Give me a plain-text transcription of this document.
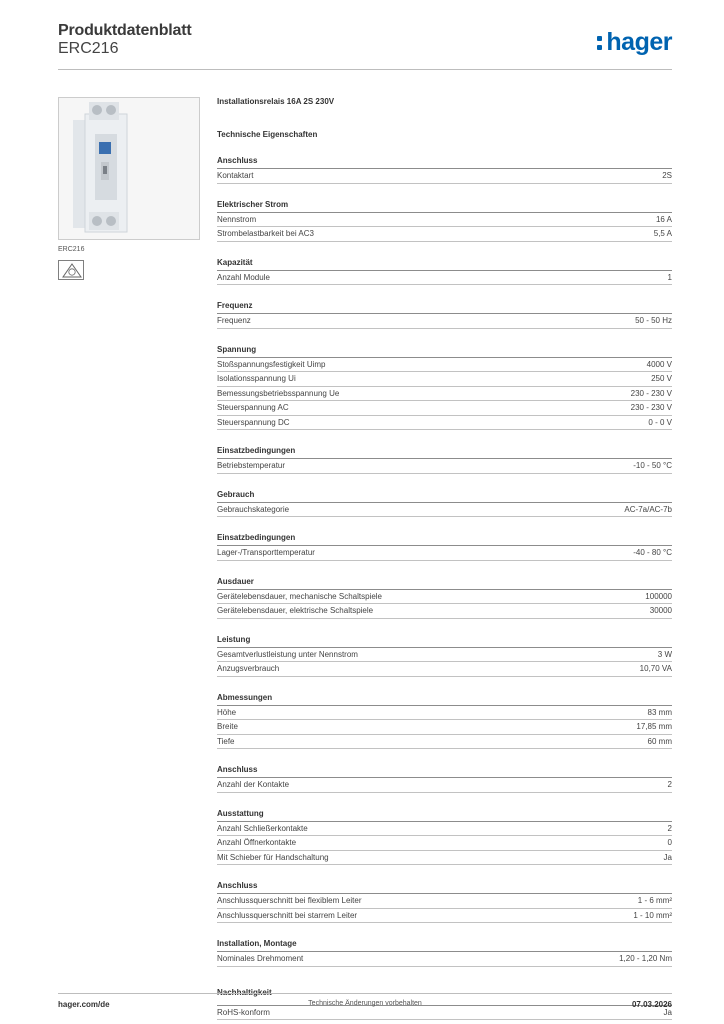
Produktdatenblatt
ERC216	hager
ERC216
Installationsrelais 16A 2S 230V
Technische Eigenschaften
Anschluss
Kontaktart	2S
Elektrischer Strom
Nennstrom	16 A
Strombelastbarkeit bei AC3	5,5 A
Kapazität
Anzahl Module	1
Frequenz
Frequenz	50 - 50 Hz
Spannung
Stoßspannungsfestigkeit Uimp	4000 V
Isolationsspannung Ui	250 V
Bemessungsbetriebsspannung Ue	230 - 230 V
Steuerspannung AC	230 - 230 V
Steuerspannung DC	0 - 0 V
Einsatzbedingungen
Betriebstemperatur	-10 - 50 °C
Gebrauch
Gebrauchskategorie	AC-7a/AC-7b
Einsatzbedingungen
Lager-/Transporttemperatur	-40 - 80 °C
Ausdauer
Gerätelebensdauer, mechanische Schaltspiele	100000
Gerätelebensdauer, elektrische Schaltspiele	30000
Leistung
Gesamtverlustleistung unter Nennstrom	3 W
Anzugsverbrauch	10,70 VA
Abmessungen
Höhe	83 mm
Breite	17,85 mm
Tiefe	60 mm
Anschluss
Anzahl der Kontakte	2
Ausstattung
Anzahl Schließerkontakte	2
Anzahl Öffnerkontakte	0
Mit Schieber für Handschaltung	Ja
Anschluss
Anschlussquerschnitt bei flexiblem Leiter	1 - 6 mm²
Anschlussquerschnitt bei starrem Leiter	1 - 10 mm²
Installation, Montage
Nominales Drehmoment	1,20 - 1,20 Nm
Nachhaltigkeit
RoHS-konform	Ja
hager.com/de	Technische Änderungen vorbehalten	07.03.2026
